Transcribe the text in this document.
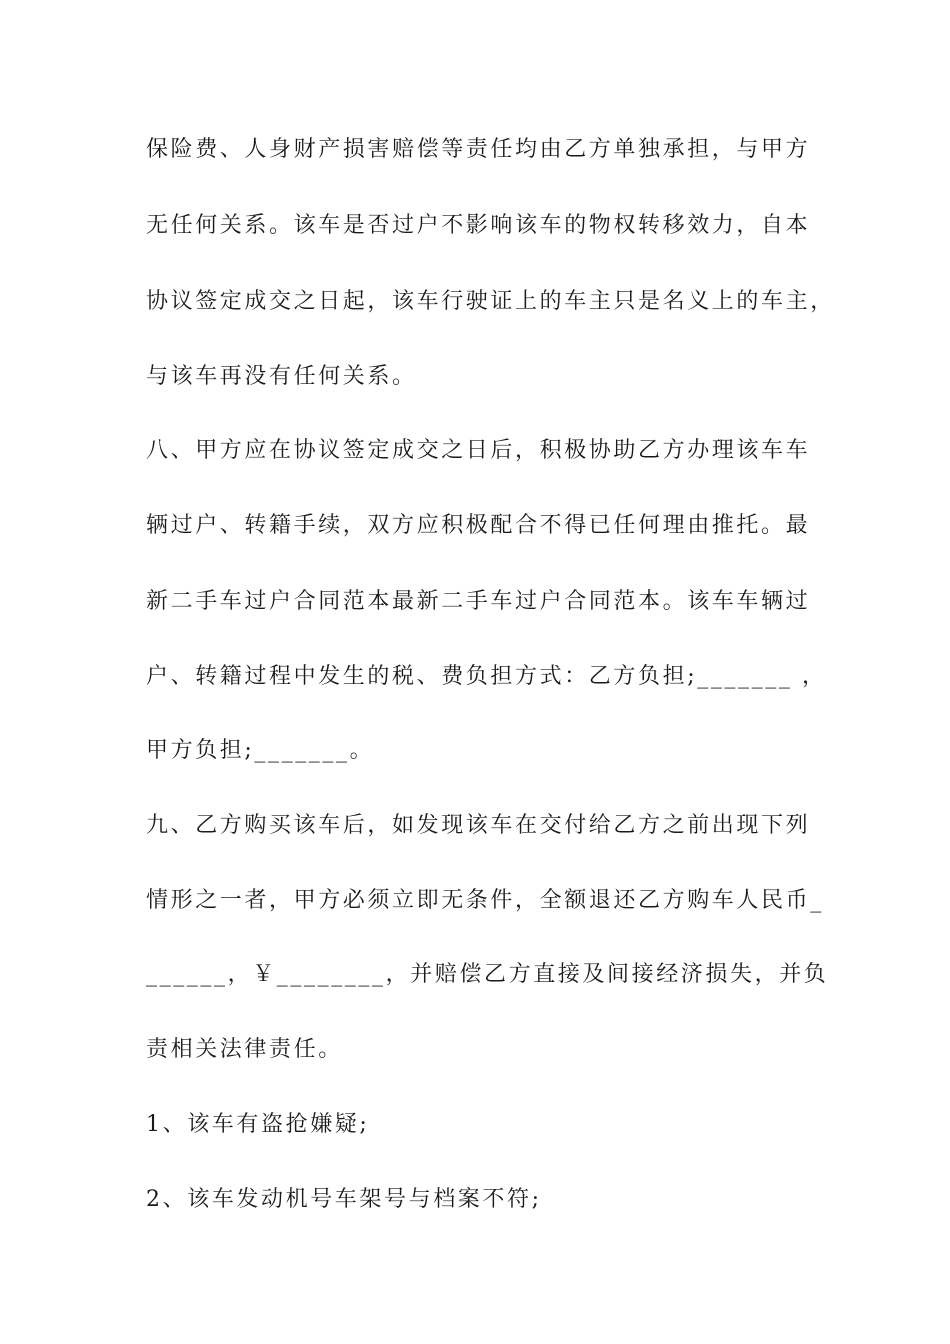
保险费、人身财产损害赔偿等责任均由乙方单独承担，与甲方
无任何关系。该车是否过户不影响该车的物权转移效力，自本
协议签定成交之日起，该车行驶证上的车主只是名义上的车主，
与该车再没有任何关系。
八、甲方应在协议签定成交之日后，积极协助乙方办理该车车
辆过户、转籍手续，双方应积极配合不得已任何理由推托。最
新二手车过户合同范本最新二手车过户合同范本。该车车辆过
户、转籍过程中发生的税、费负担方式：乙方负担;_______ ，
甲方负担;_______。
九、乙方购买该车后，如发现该车在交付给乙方之前出现下列
情形之一者，甲方必须立即无条件，全额退还乙方购车人民币_
______，￥________，并赔偿乙方直接及间接经济损失，并负
责相关法律责任。
1、该车有盗抢嫌疑;
2、该车发动机号车架号与档案不符;
